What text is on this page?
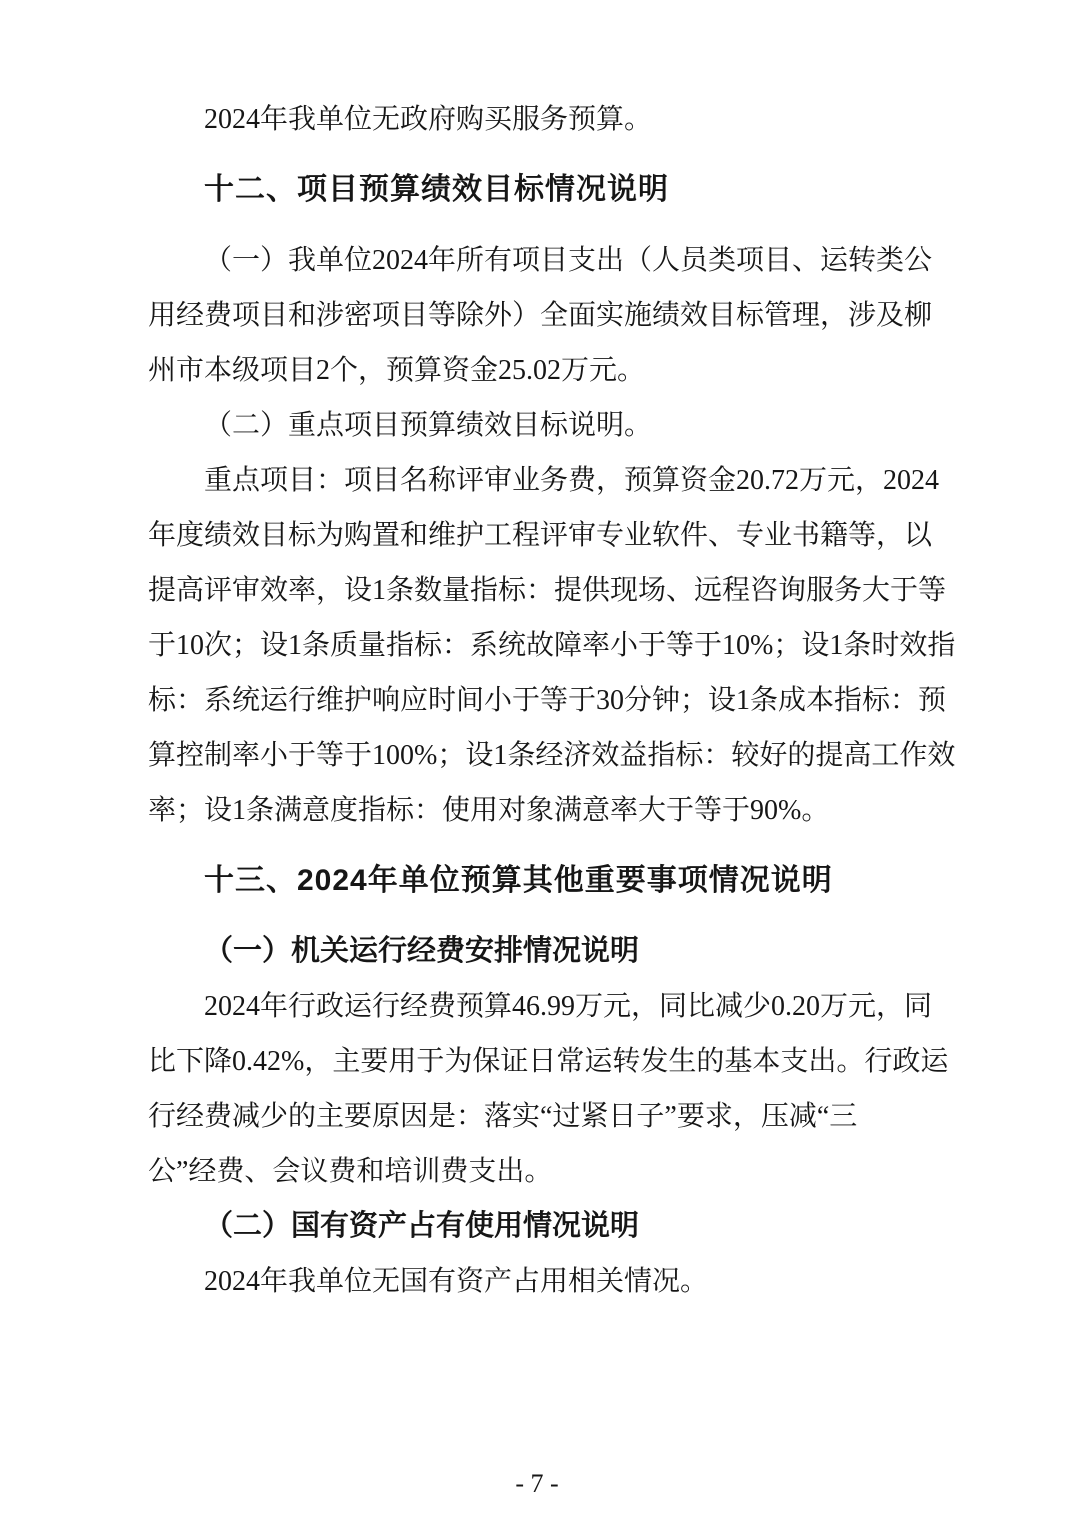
2024年我单位无政府购买服务预算。
十二、项目预算绩效目标情况说明
（一）我单位2024年所有项目支出（人员类项目、运转类公
用经费项目和涉密项目等除外）全面实施绩效目标管理，涉及柳
州市本级项目2个，预算资金25.02万元。
（二）重点项目预算绩效目标说明。
重点项目：项目名称评审业务费，预算资金20.72万元，2024
年度绩效目标为购置和维护工程评审专业软件、专业书籍等，以
提高评审效率，设1条数量指标：提供现场、远程咨询服务大于等
于10次；设1条质量指标：系统故障率小于等于10%；设1条时效指
标：系统运行维护响应时间小于等于30分钟；设1条成本指标：预
算控制率小于等于100%；设1条经济效益指标：较好的提高工作效
率；设1条满意度指标：使用对象满意率大于等于90%。
十三、2024年单位预算其他重要事项情况说明
（一）机关运行经费安排情况说明
2024年行政运行经费预算46.99万元，同比减少0.20万元，同
比下降0.42%，主要用于为保证日常运转发生的基本支出。行政运
行经费减少的主要原因是：落实“过紧日子”要求，压减“三
公”经费、会议费和培训费支出。
（二）国有资产占有使用情况说明
2024年我单位无国有资产占用相关情况。
- 7 -
